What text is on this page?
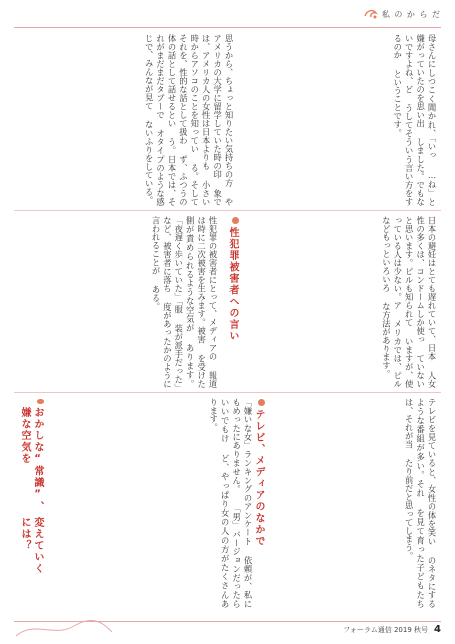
私 の か ら だ
母さんにしつこく聞かれ、「いっ …ね」と嫌がっていたのを思い出 しました。でもないですよね、ど うしてそういう言い方をするのか ということです。
思うから、ちょっと知りたい気持ちの方 やアメリカの大学に留学していた時の印 象では、アメリカ人の女性は日本よりも 小さい時からアソコのことを知ってい る。そしてそれを、性的な話として扱わ ず、ふつうの体の話として話せるとい う。日本では、それがまだまだタブーで オタイプのような感じで、みんなが見て ないふりをしている。
日本の避妊はとても遅れていて、日本 人女性の多くは、コンドームしか使っ ていないと思います。ピルも知られて いますが、使っている人は少ない。ア メリカでは、ピルなどもっといろいろ な方法があります。
性犯罪被害者への言い
性犯罪の被害者にとって、メディアの 報道は時に二次被害を生みます。被害 を受けた側が責められるような空気が あります。「夜遅く歩いていた」「服 装が派手だった」など、被害者に落ち 度があったかのように言われることが ある。
テレビ、メディアのなかで	テレビを見ていると、女性の体を笑い のネタにするような番組が多い。それ を見て育った子どもたちは、それが当 たり前だと思ってしまう。
「嫌いな女」ランキングのアンケート 依頼が、私にもめったにありません。 「男」バージョンだったらいいでもけ ど、やっぱり女の人の方がたくさんあ ります。
おかしな“常識”、嫌な空気を
変えていくには？
フォーラム通信 2019 秋号 4
